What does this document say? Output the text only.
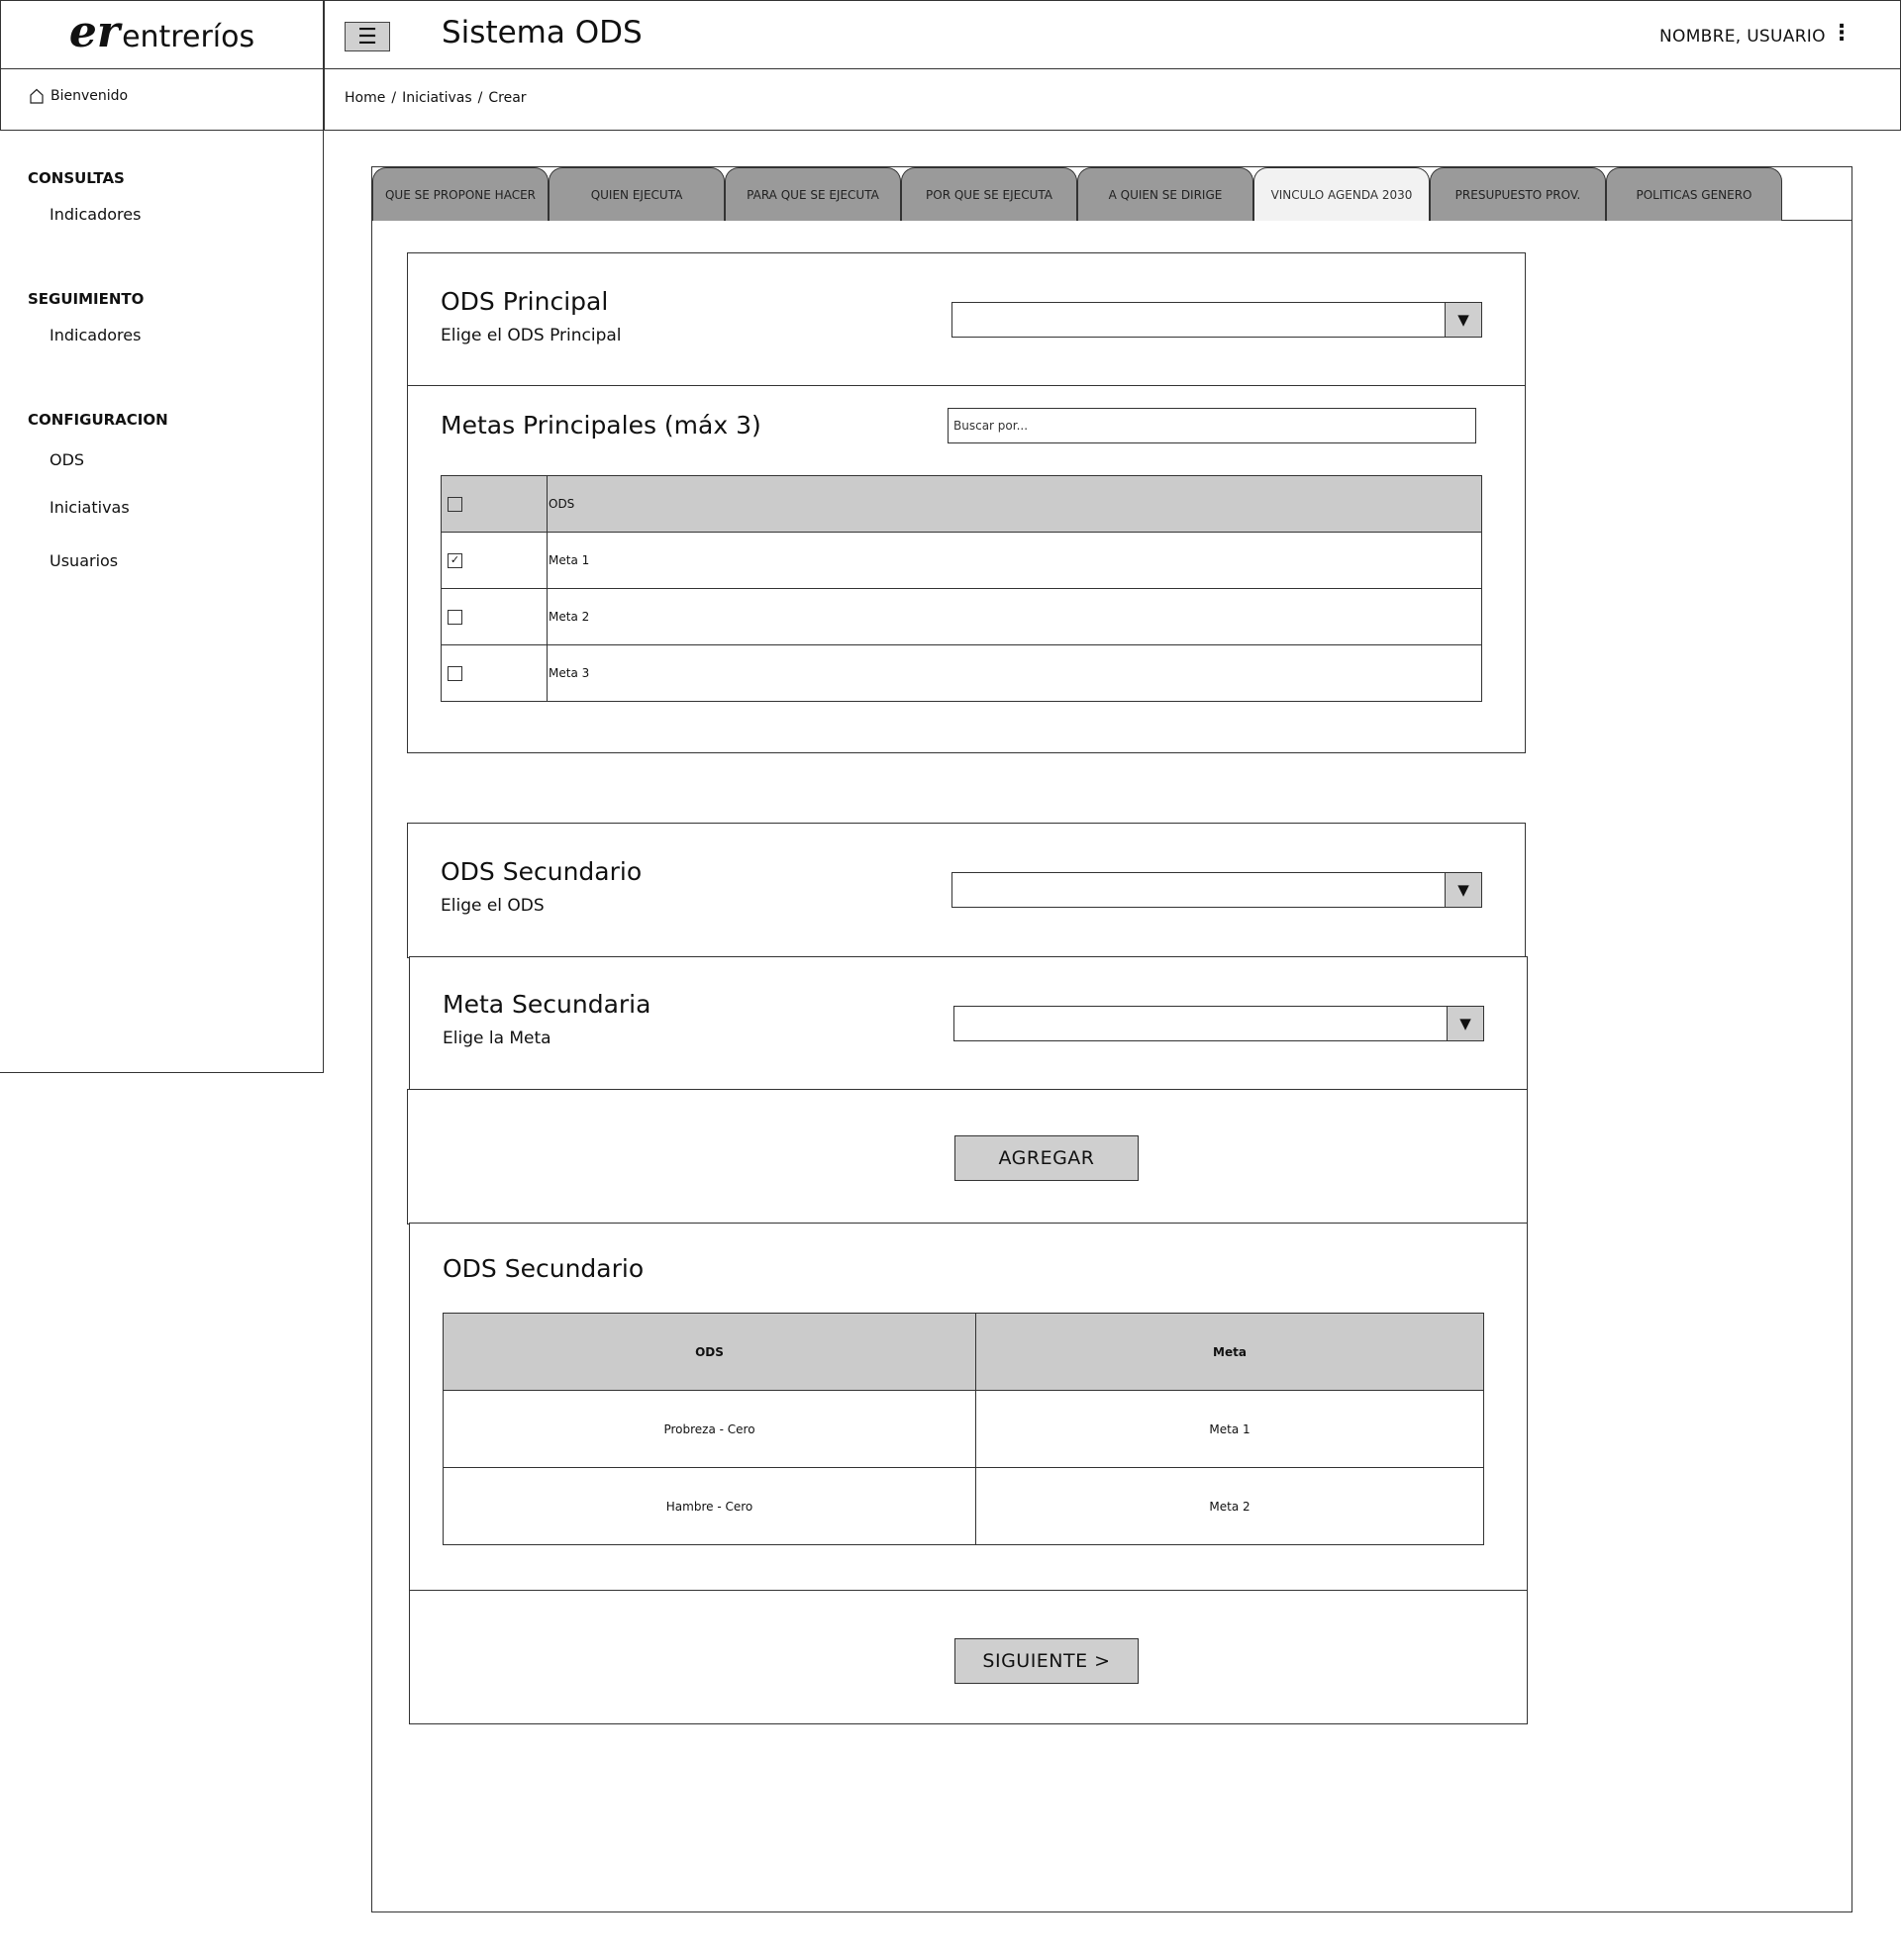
er entreríos	☰ Sistema ODS	NOMBRE, USUARIO ⋮
Bienvenido	Home / Iniciativas / Crear
CONSULTAS
Indicadores
SEGUIMIENTO
Indicadores
CONFIGURACION
ODS
Iniciativas
Usuarios
QUE SE PROPONE HACER	QUIEN EJECUTA	PARA QUE SE EJECUTA	POR QUE SE EJECUTA	A QUIEN SE DIRIGE	VINCULO AGENDA 2030	PRESUPUESTO PROV.	POLITICAS GENERO
ODS Principal
Elige el ODS Principal
▼
Metas Principales (máx 3)	Buscar por...
	ODS
✓	Meta 1
	Meta 2
	Meta 3
ODS Secundario
Elige el ODS
▼
Meta Secundaria
Elige la Meta
▼
AGREGAR
ODS Secundario
ODS	Meta
Probreza - Cero	Meta 1
Hambre - Cero	Meta 2
SIGUIENTE >
